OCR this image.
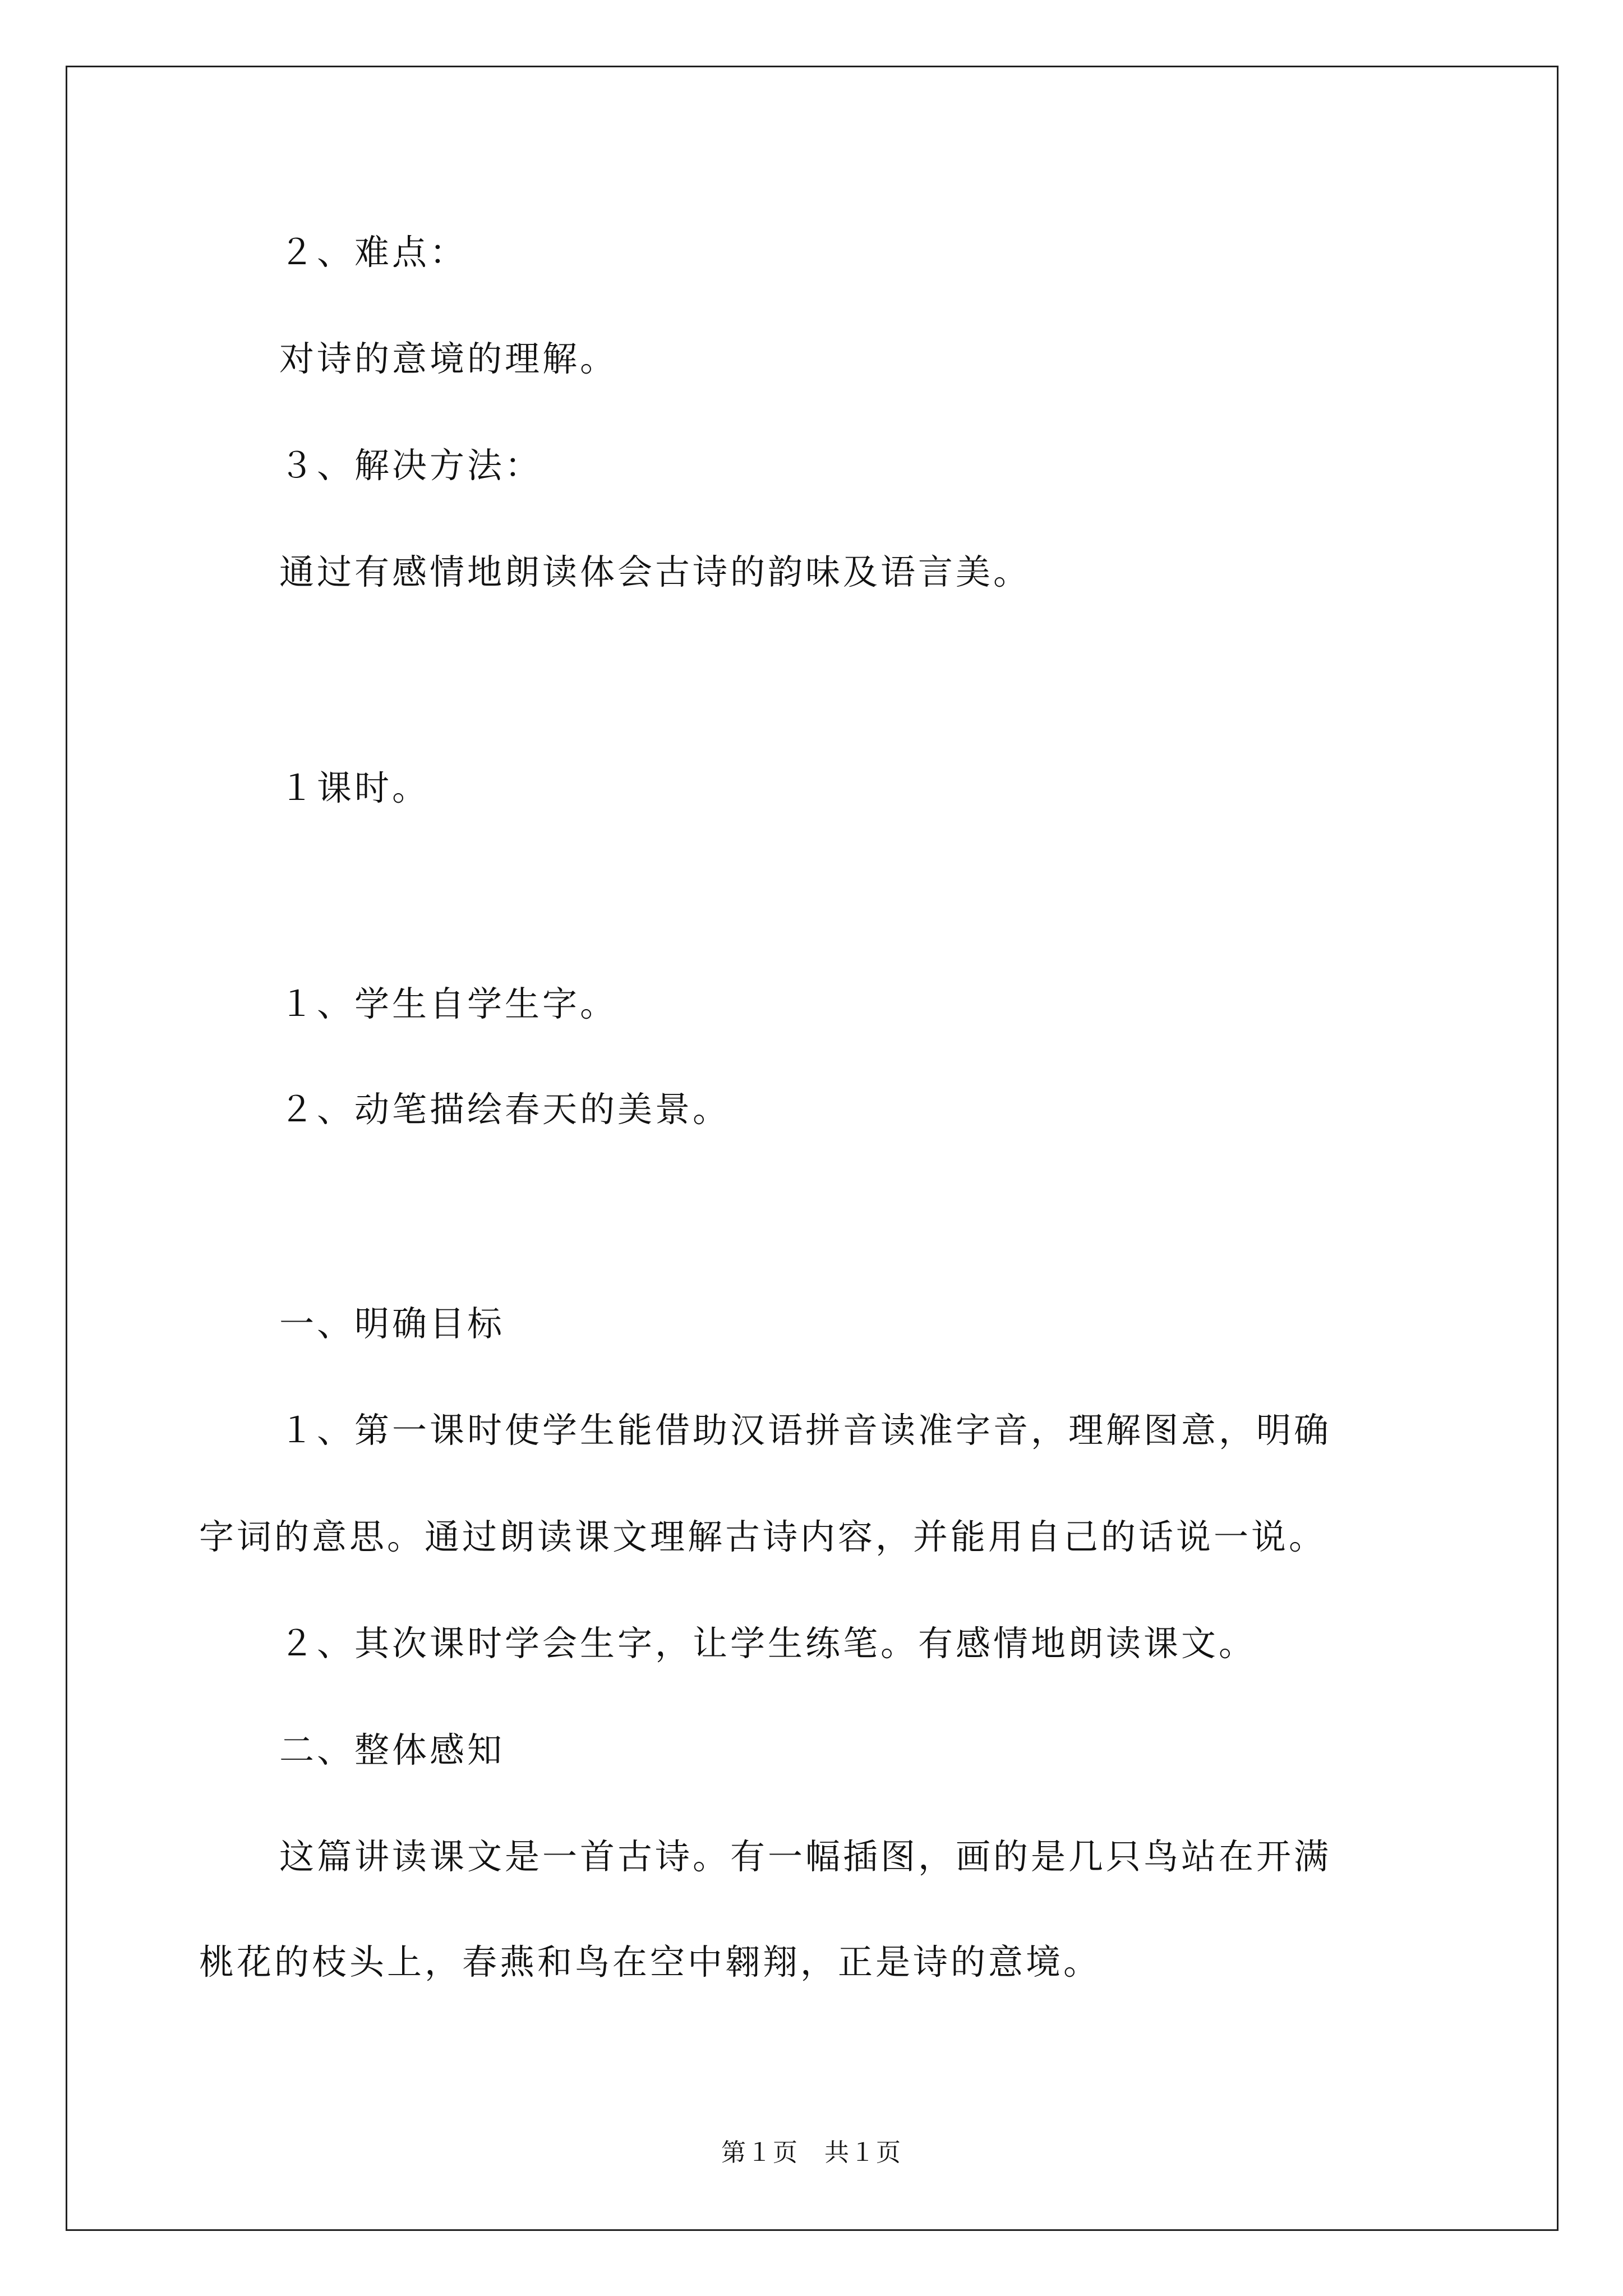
２、难点：
对诗的意境的理解。
３、解决方法：
通过有感情地朗读体会古诗的韵味及语言美。
１课时。
１、学生自学生字。
２、动笔描绘春天的美景。
一、明确目标
１、第一课时使学生能借助汉语拼音读准字音，理解图意，明确
字词的意思。通过朗读课文理解古诗内容，并能用自己的话说一说。
２、其次课时学会生字，让学生练笔。有感情地朗读课文。
二、整体感知
这篇讲读课文是一首古诗。有一幅插图，画的是几只鸟站在开满
桃花的枝头上，春燕和鸟在空中翱翔，正是诗的意境。
第１页　共１页
